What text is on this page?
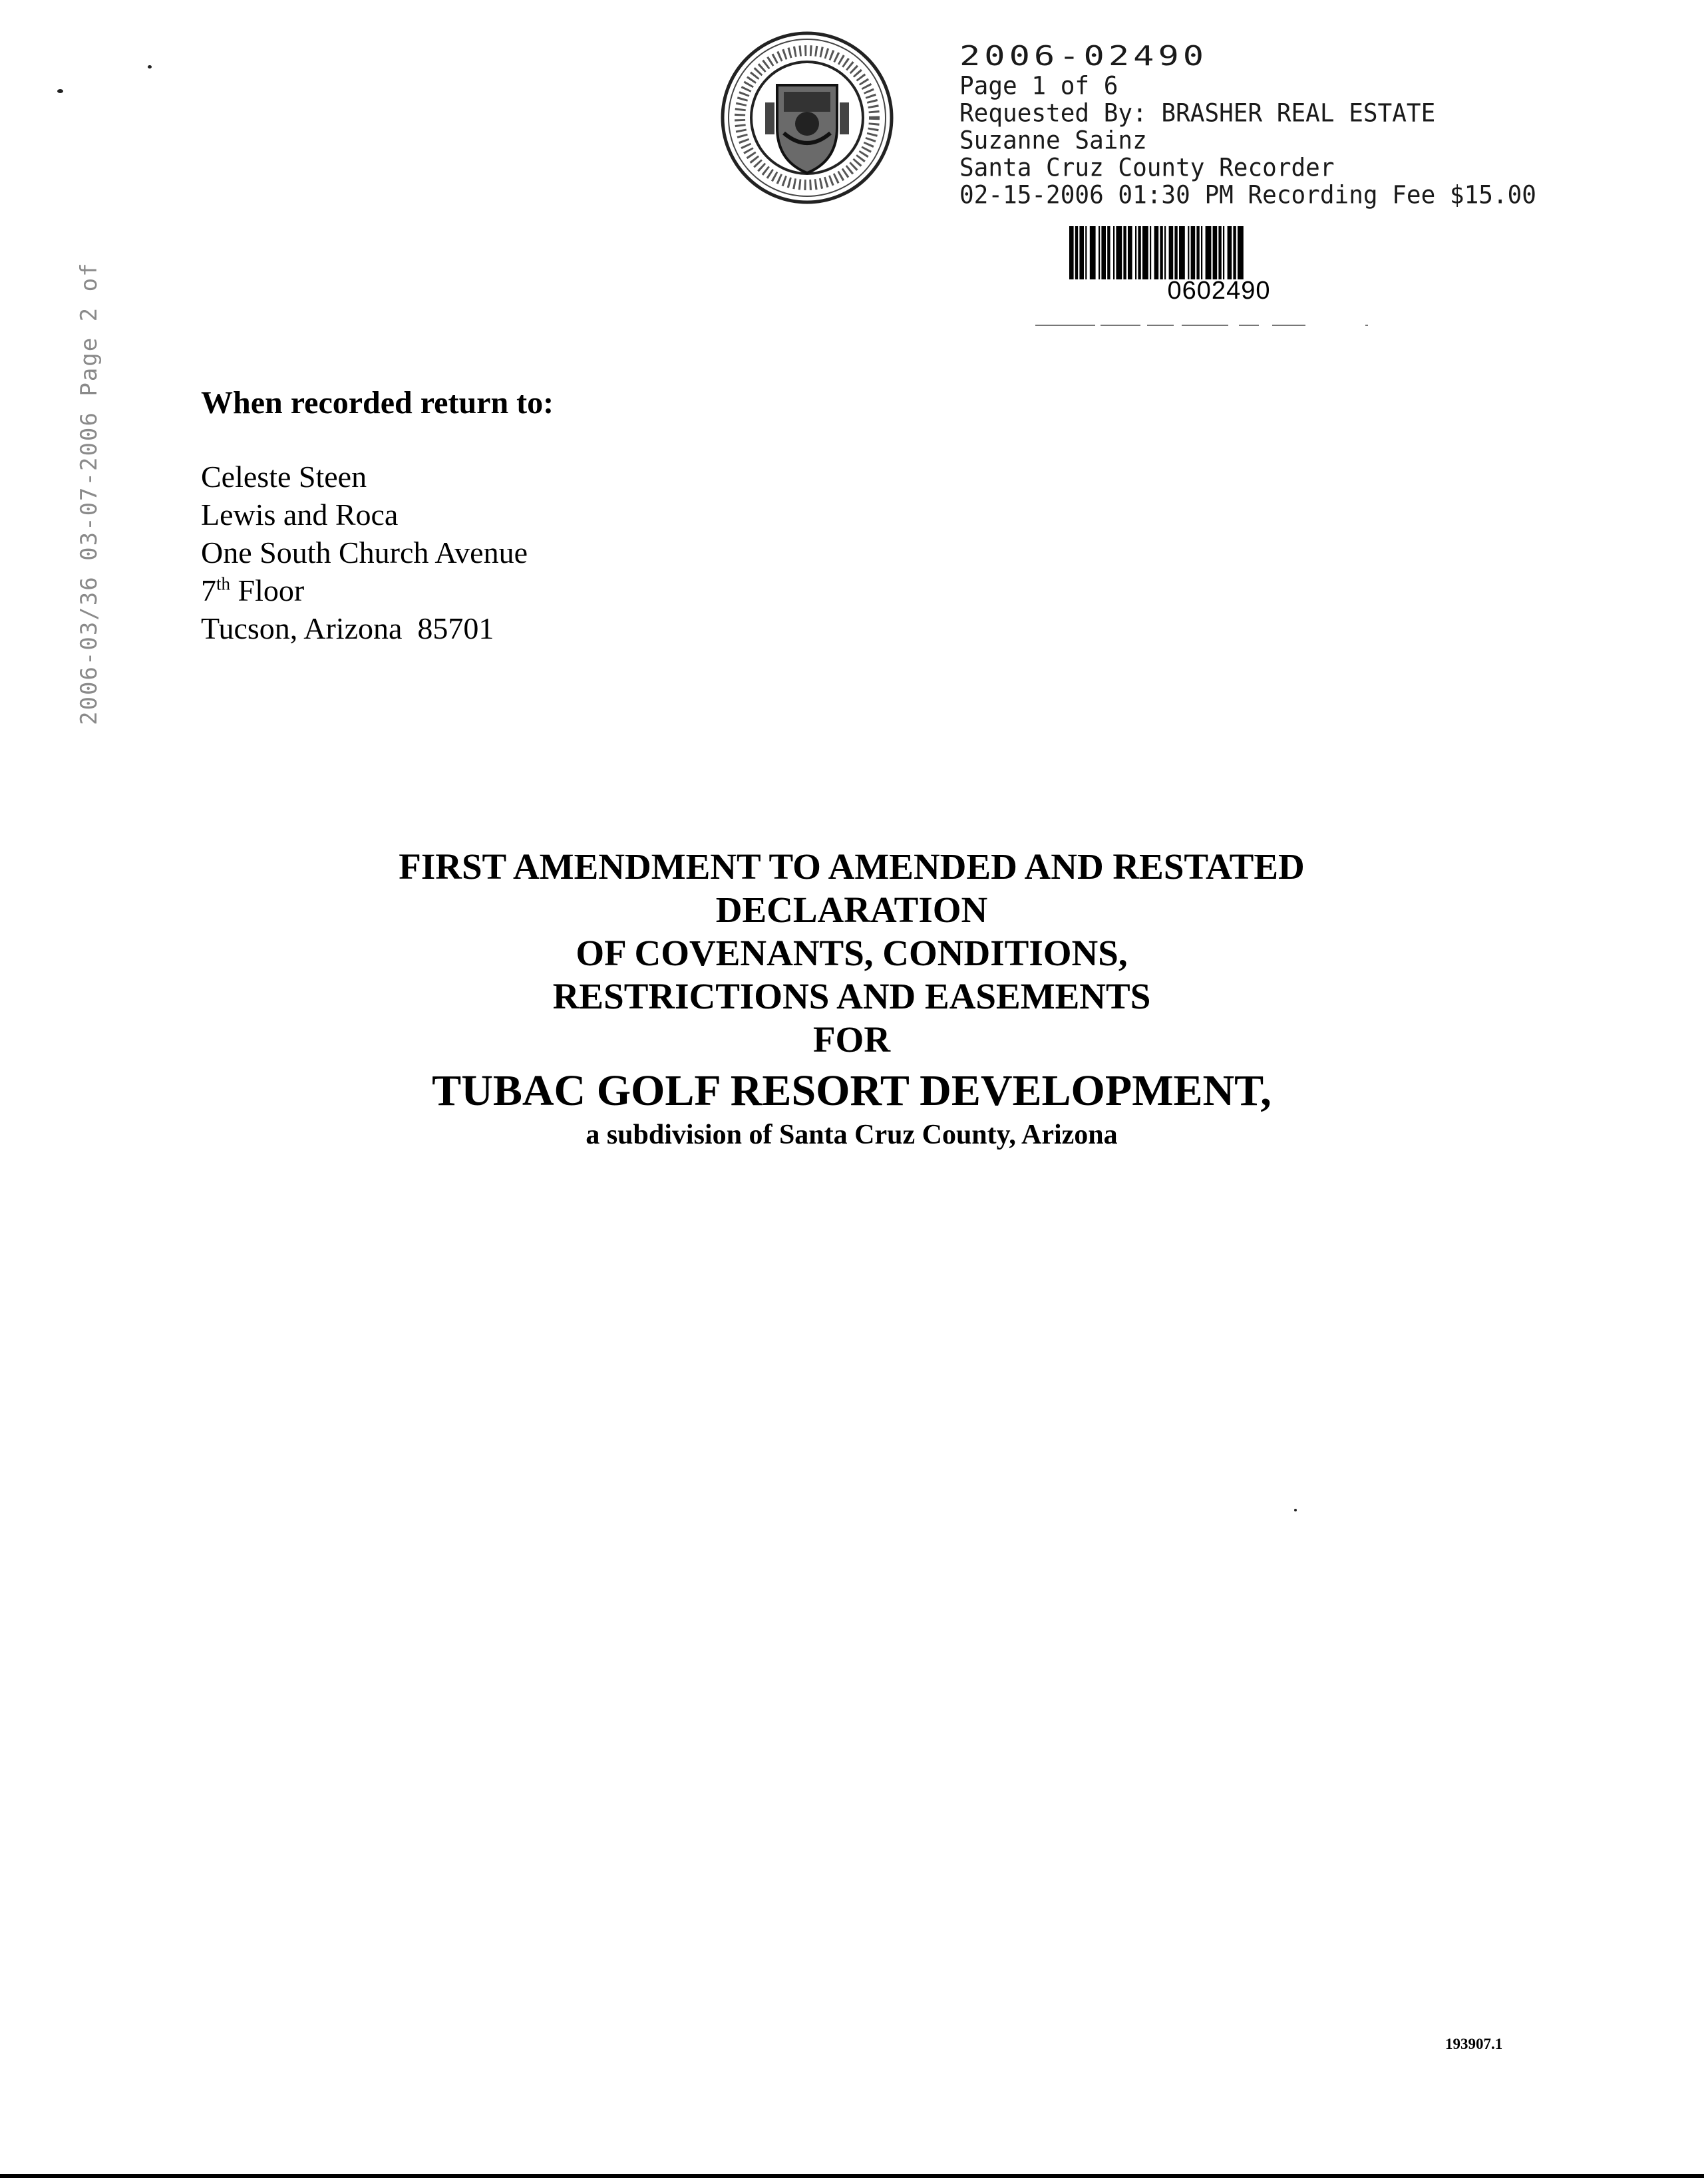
2006-03/36 03-07-2006 Page 2 of
2006-02490
Page 1 of 6
Requested By: BRASHER REAL ESTATE
Suzanne Sainz
Santa Cruz County Recorder
02-15-2006 01:30 PM Recording Fee $15.00
0602490
When recorded return to:
Celeste Steen
Lewis and Roca
One South Church Avenue
7th Floor
Tucson, Arizona  85701
FIRST AMENDMENT TO AMENDED AND RESTATED
DECLARATION
OF COVENANTS, CONDITIONS,
RESTRICTIONS AND EASEMENTS
FOR
TUBAC GOLF RESORT DEVELOPMENT,
a subdivision of Santa Cruz County, Arizona
193907.1
